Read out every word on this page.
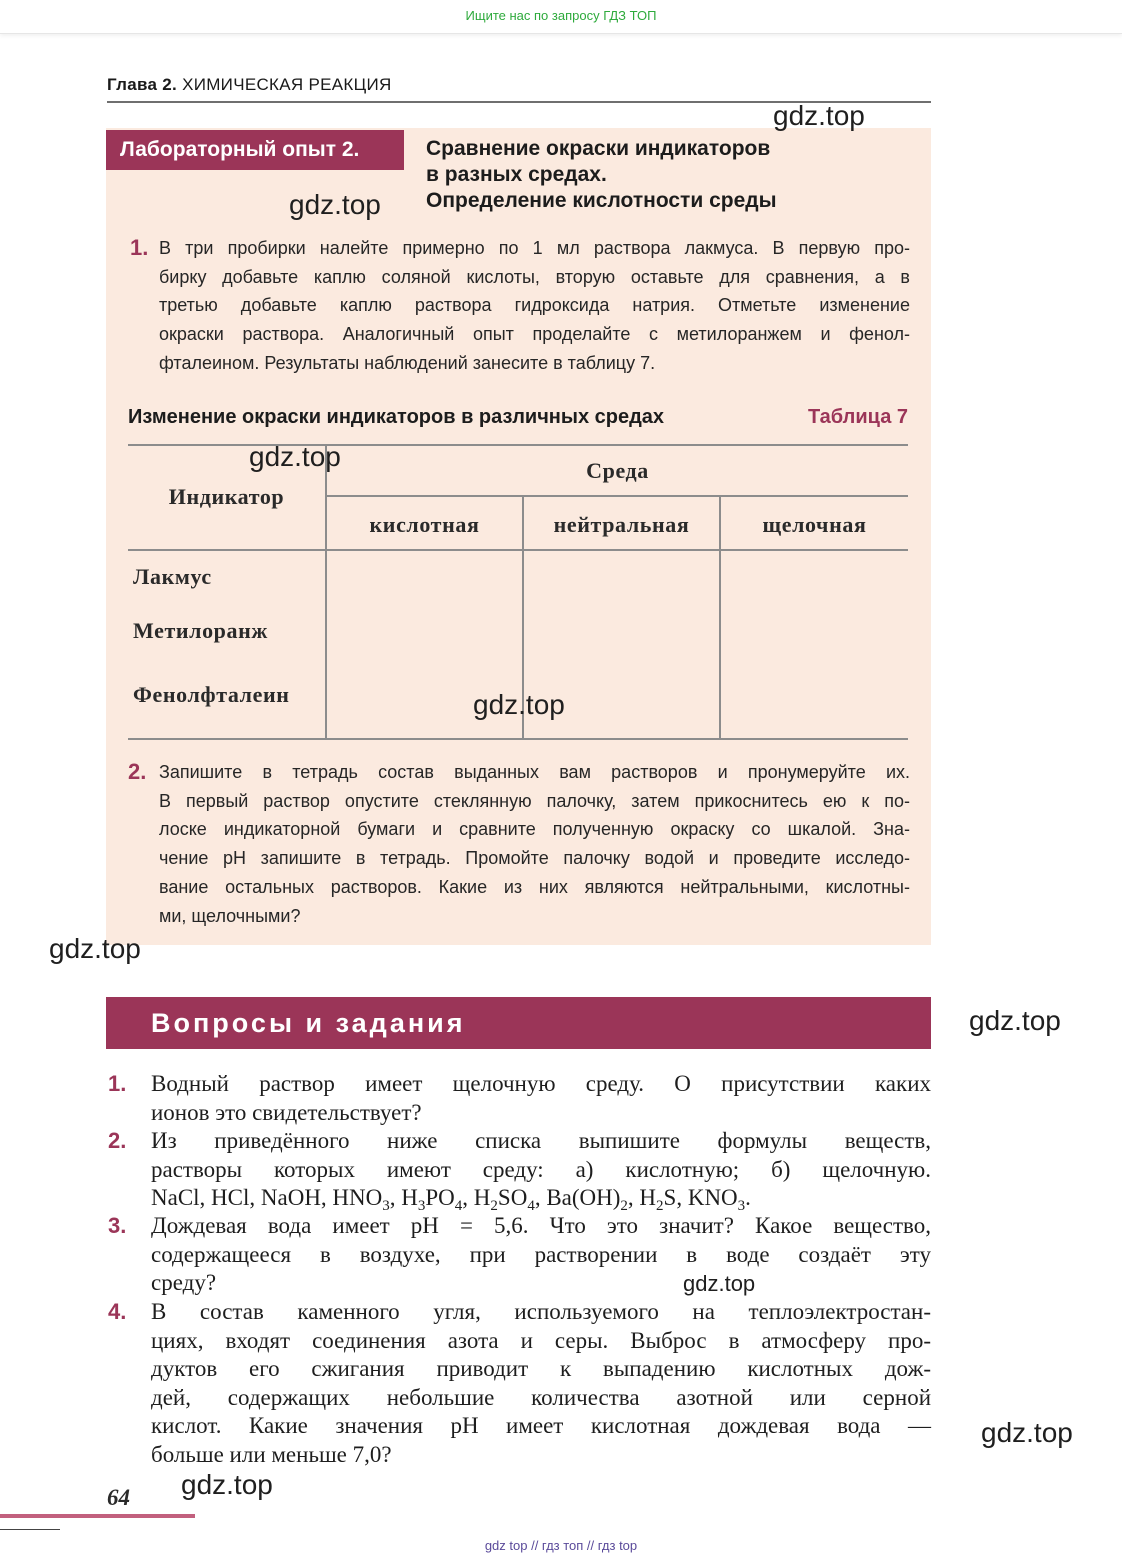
Ищите нас по запросу ГДЗ ТОП
Глава 2. ХИМИЧЕСКАЯ РЕАКЦИЯ
Лабораторный опыт 2.	Сравнение окраски индикаторов
в разных средах.
Определение кислотности среды
1. В три пробирки налейте примерно по 1 мл раствора лакмуса. В первую про-
бирку добавьте каплю соляной кислоты, вторую оставьте для сравнения, а в
третью добавьте каплю раствора гидроксида натрия. Отметьте изменение
окраски раствора. Аналогичный опыт проделайте с метилоранжем и фенол-
фталеином. Результаты наблюдений занесите в таблицу 7.
Изменение окраски индикаторов в различных средах	Таблица 7
Индикатор
Среда
кислотная	нейтральная	щелочная
Лакмус
Метилоранж
Фенолфталеин
2. Запишите в тетрадь состав выданных вам растворов и пронумеруйте их.
В первый раствор опустите стеклянную палочку, затем прикоснитесь ею к по-
лоске индикаторной бумаги и сравните полученную окраску со шкалой. Зна-
чение pH запишите в тетрадь. Промойте палочку водой и проведите исследо-
вание остальных растворов. Какие из них являются нейтральными, кислотны-
ми, щелочными?
Вопросы и задания
1. Водный раствор имеет щелочную среду. О присутствии каких
ионов это свидетельствует?
2. Из приведённого ниже списка выпишите формулы веществ,
растворы которых имеют среду: а) кислотную; б) щелочную.
NaCl, HCl, NaOH, $HNO_3$, $H_3PO_4$, $H_2SO_4$, $Ba(OH)_2$, $H_2S$, $KNO_3$.
3. Дождевая вода имеет pH = 5,6. Что это значит? Какое вещество,
содержащееся в воздухе, при растворении в воде создаёт эту
среду?
4. В состав каменного угля, используемого на теплоэлектростан-
циях, входят соединения азота и серы. Выброс в атмосферу про-
дуктов его сжигания приводит к выпадению кислотных дож-
дей, содержащих небольшие количества азотной или серной
кислот. Какие значения pH имеет кислотная дождевая вода —
больше или меньше 7,0?
64
gdz.top
gdz.top
gdz.top
gdz.top
gdz.top
gdz.top
gdz.top
gdz.top
gdz.top
gdz top // гдз топ // гдз top
